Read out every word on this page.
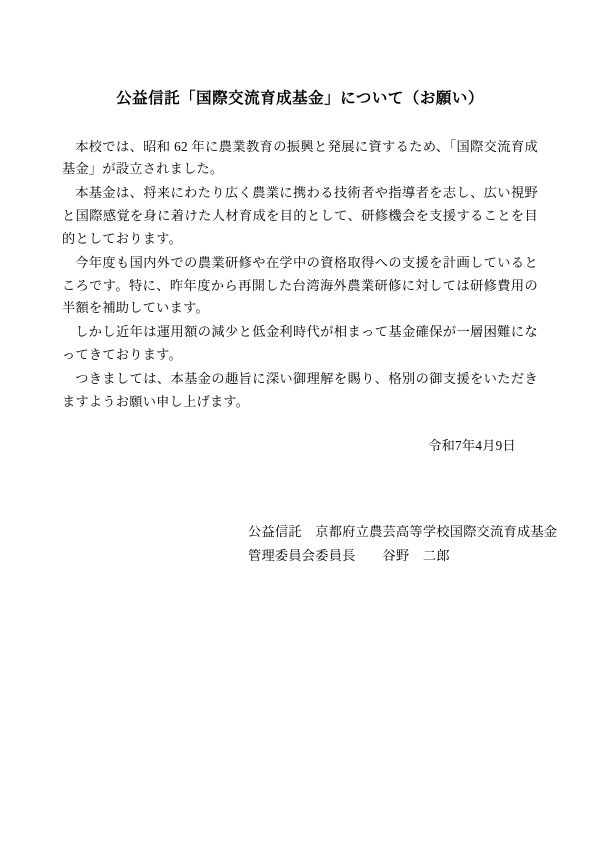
公益信託「国際交流育成基金」について（お願い）

本校では、昭和 62 年に農業教育の振興と発展に資するため、「国際交流育成基金」が設立されました。

本基金は、将来にわたり広く農業に携わる技術者や指導者を志し、広い視野と国際感覚を身に着けた人材育成を目的として、研修機会を支援することを目的としております。

今年度も国内外での農業研修や在学中の資格取得への支援を計画しているところです。特に、昨年度から再開した台湾海外農業研修に対しては研修費用の半額を補助しています。

しかし近年は運用額の減少と低金利時代が相まって基金確保が一層困難になってきております。

つきましては、本基金の趣旨に深い御理解を賜り、格別の御支援をいただきますようお願い申し上げます。

令和7年4月9日

公益信託　京都府立農芸高等学校国際交流育成基金

管理委員会委員長　　谷野　二郎
